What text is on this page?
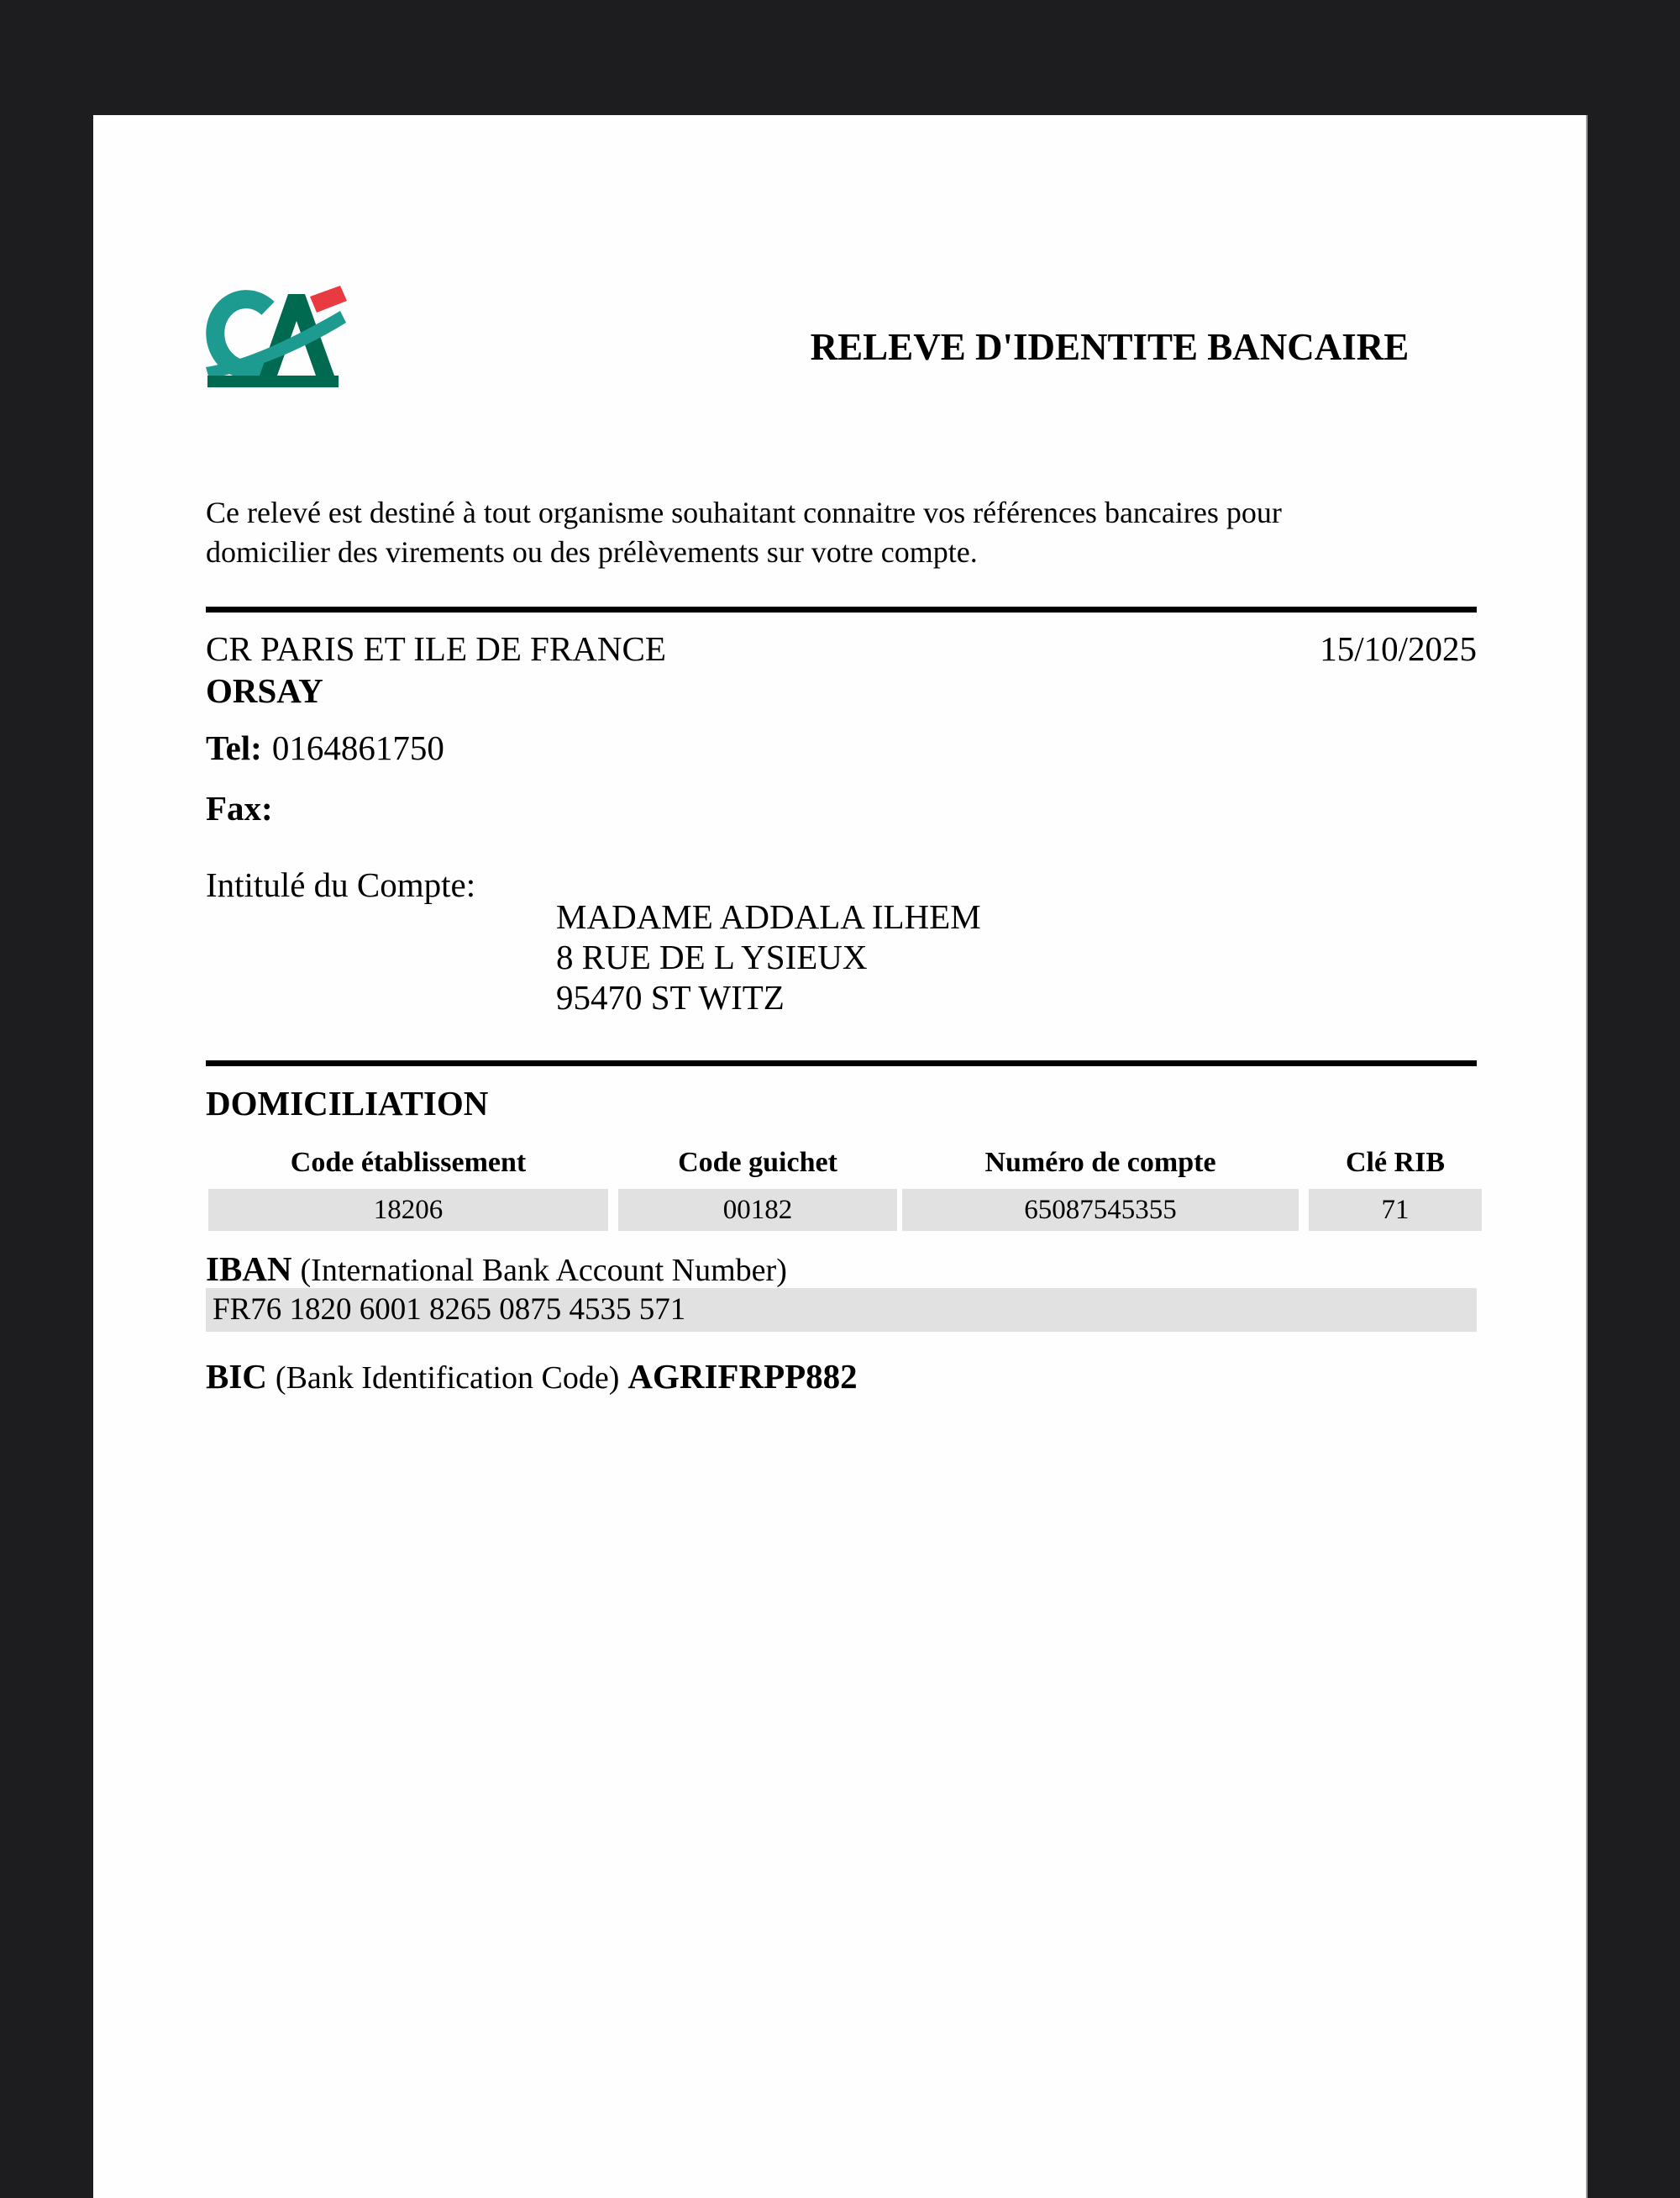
RELEVE D'IDENTITE BANCAIRE
Ce relevé est destiné à tout organisme souhaitant connaitre vos références bancaires pour
domicilier des virements ou des prélèvements sur votre compte.
CR PARIS ET ILE DE FRANCE	15/10/2025
ORSAY
Tel: 0164861750
Fax:
Intitulé du Compte:
MADAME ADDALA ILHEM
8 RUE DE L YSIEUX
95470 ST WITZ
DOMICILIATION
Code établissement	Code guichet	Numéro de compte	Clé RIB
18206	00182	65087545355	71
IBAN (International Bank Account Number)
FR76 1820 6001 8265 0875 4535 571
BIC (Bank Identification Code) AGRIFRPP882
